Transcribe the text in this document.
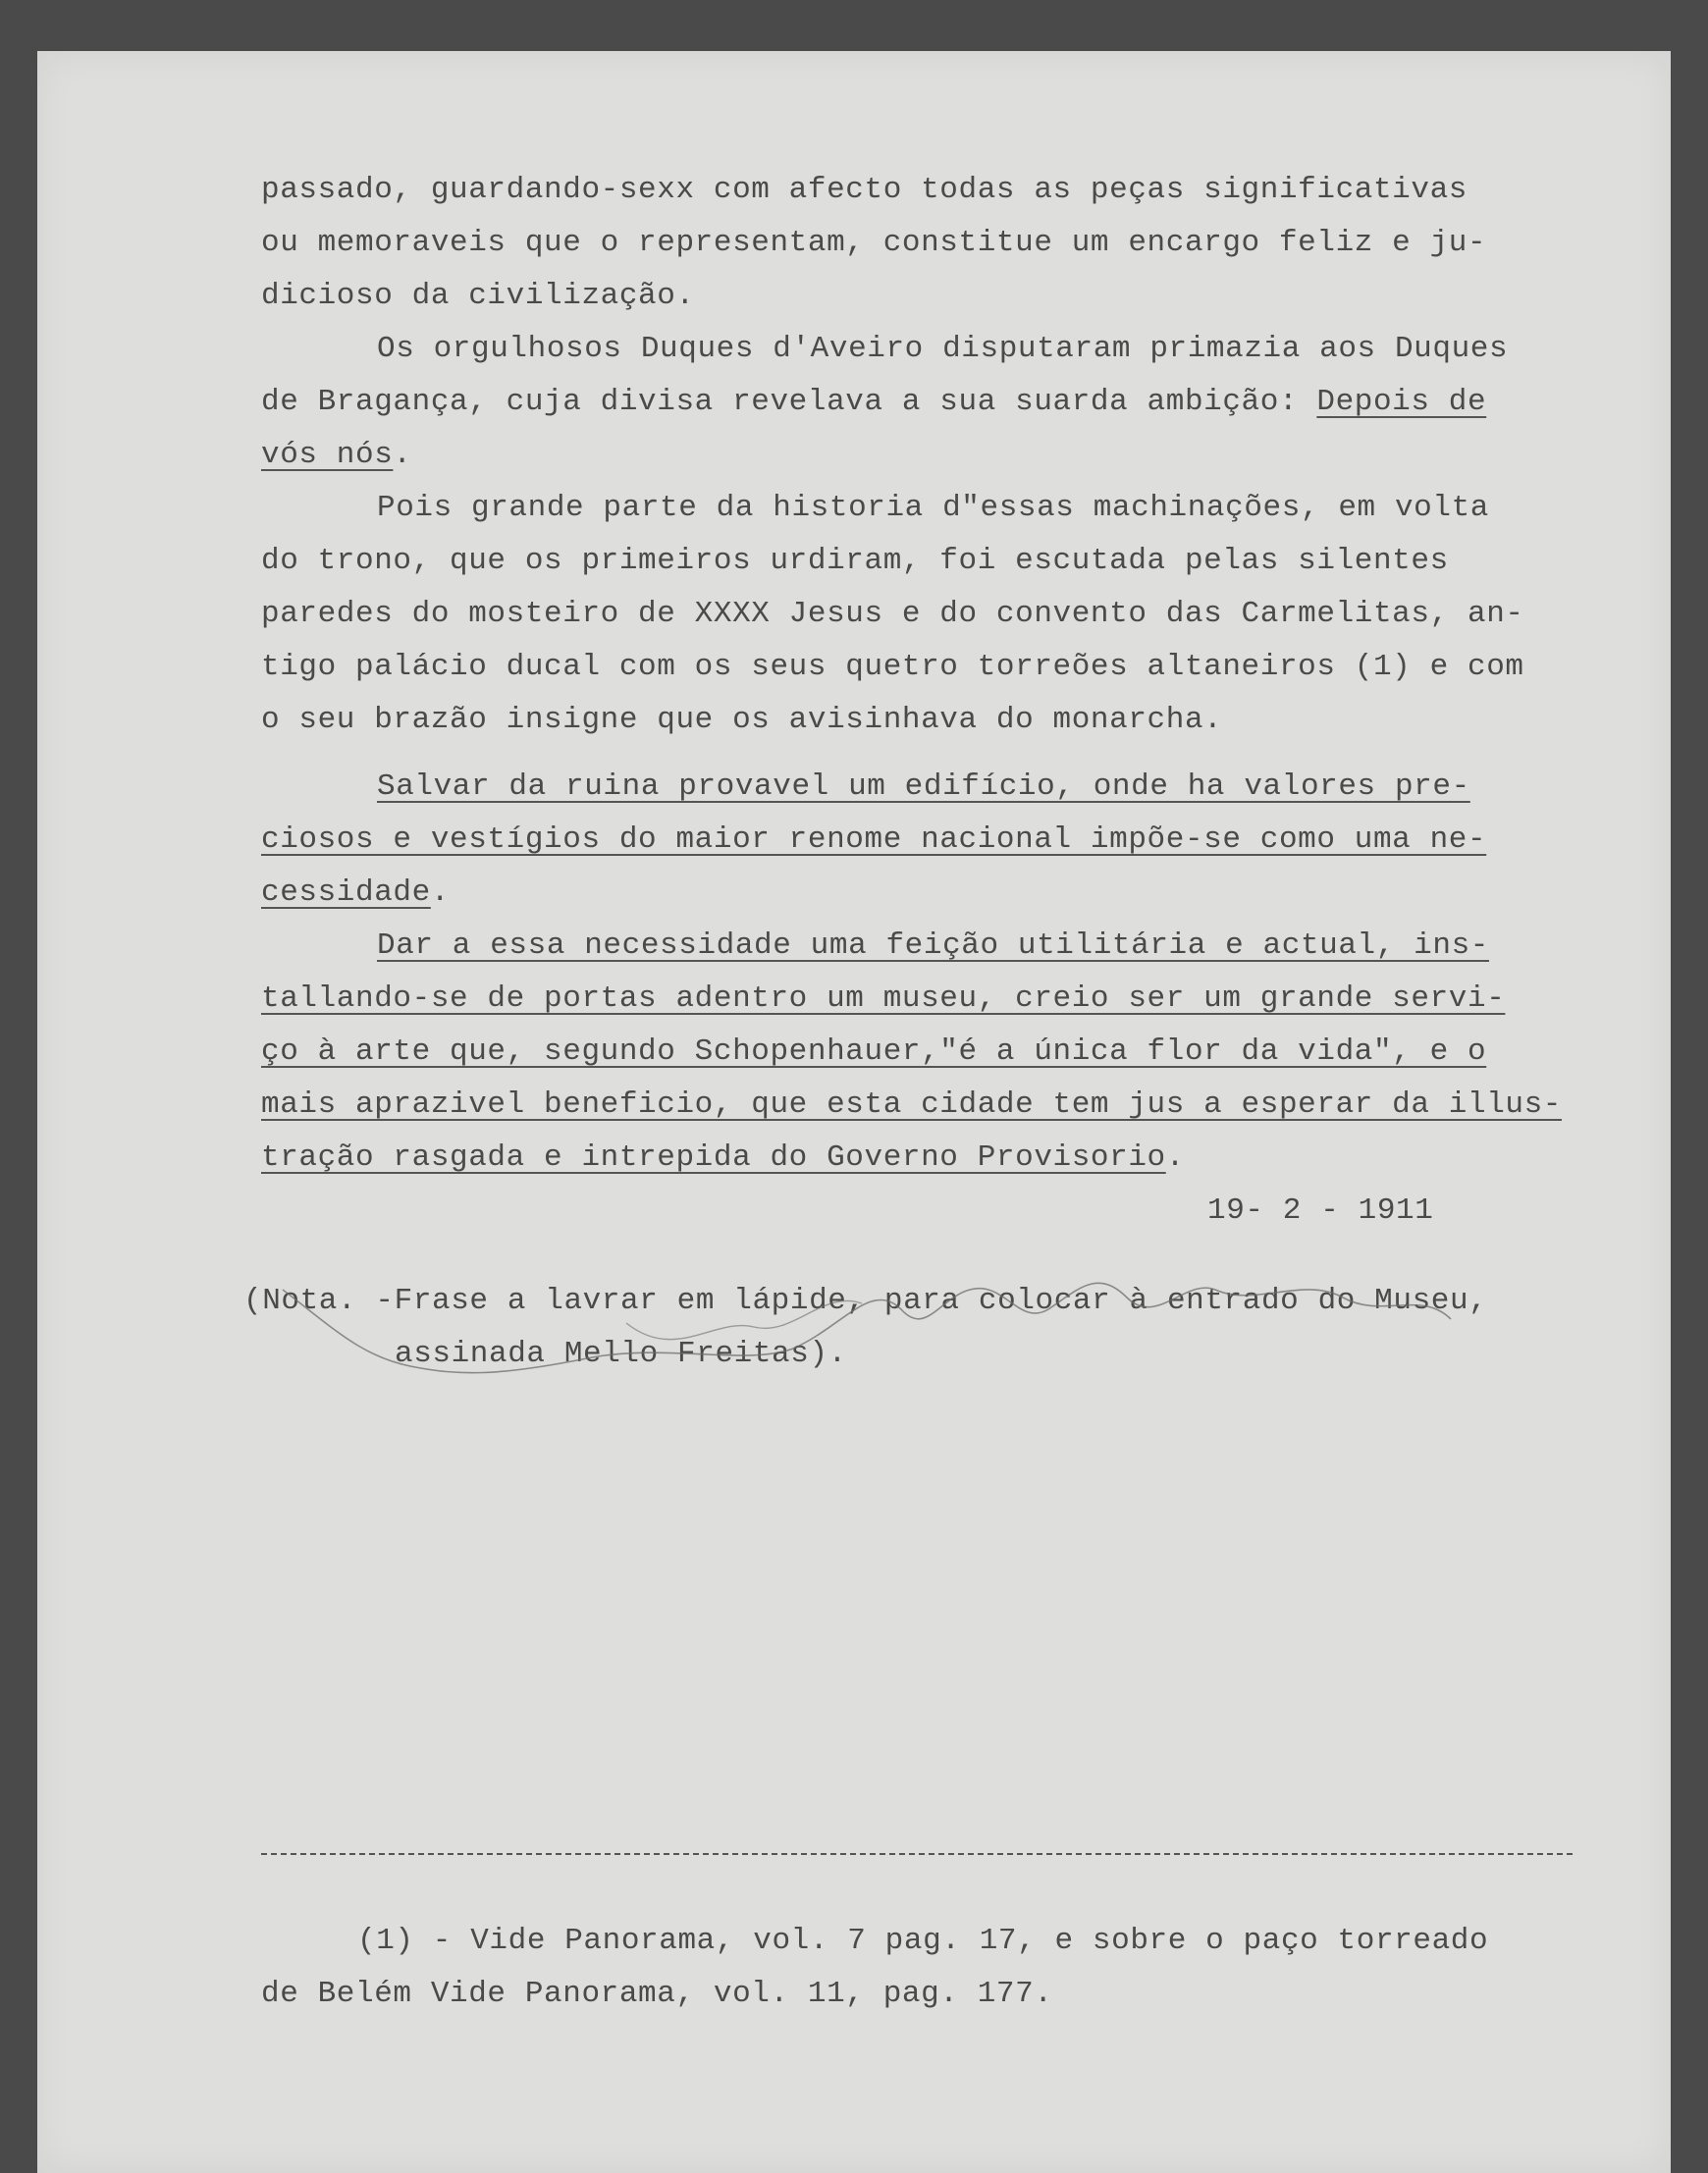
passado, guardando-sexx com afecto todas as peças significativas

ou memoraveis que o representam, constitue um encargo feliz e ju-

dicioso da civilização.

Os orgulhosos Duques d'Aveiro disputaram primazia aos Duques

de Bragança, cuja divisa revelava a sua suarda ambição: Depois de

vós nós.

Pois grande parte da historia d"essas machinações, em volta

do trono, que os primeiros urdiram, foi escutada pelas silentes

paredes do mosteiro de XXXX Jesus e do convento das Carmelitas, an-

tigo palácio ducal com os seus quetro torreões altaneiros (1) e com

o seu brazão insigne que os avisinhava do monarcha.

Salvar da ruina provavel um edifício, onde ha valores pre-

ciosos e vestígios do maior renome nacional impõe-se como uma ne-

cessidade.

Dar a essa necessidade uma feição utilitária e actual, ins-

tallando-se de portas adentro um museu, creio ser um grande servi-

ço à arte que, segundo Schopenhauer,"é a única flor da vida", e o

mais aprazivel beneficio, que esta cidade tem jus a esperar da illus-

tração rasgada e intrepida do Governo Provisorio.

19- 2 - 1911

(Nota. -Frase a lavrar em lápide, para colocar à entrado do Museu,

assinada Mello Freitas).

(1) - Vide Panorama, vol. 7 pag. 17, e sobre o paço torreado

de Belém Vide Panorama, vol. 11, pag. 177.
